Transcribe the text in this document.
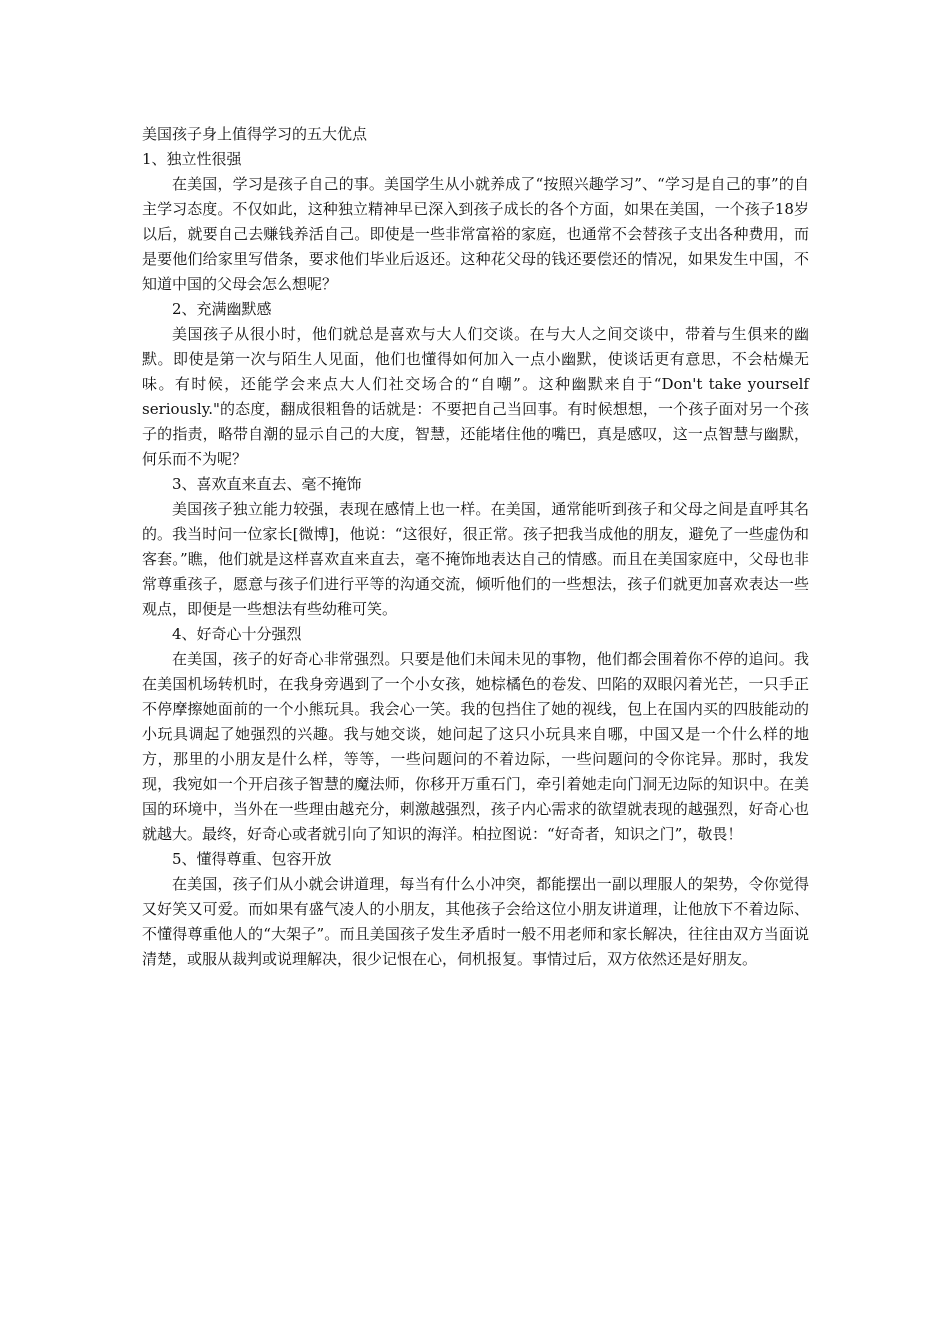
美国孩子身上值得学习的五大优点

1、独立性很强

在美国，学习是孩子自己的事。美国学生从小就养成了“按照兴趣学习”、“学习是自己的事”的自主学习态度。不仅如此，这种独立精神早已深入到孩子成长的各个方面，如果在美国，一个孩子18岁以后，就要自己去赚钱养活自己。即使是一些非常富裕的家庭，也通常不会替孩子支出各种费用，而是要他们给家里写借条，要求他们毕业后返还。这种花父母的钱还要偿还的情况，如果发生中国，不知道中国的父母会怎么想呢？

2、充满幽默感

美国孩子从很小时，他们就总是喜欢与大人们交谈。在与大人之间交谈中，带着与生俱来的幽默。即使是第一次与陌生人见面，他们也懂得如何加入一点小幽默，使谈话更有意思，不会枯燥无味。有时候，还能学会来点大人们社交场合的“自嘲”。这种幽默来自于“Don't take yourself seriously."的态度，翻成很粗鲁的话就是：不要把自己当回事。有时候想想，一个孩子面对另一个孩子的指责，略带自潮的显示自己的大度，智慧，还能堵住他的嘴巴，真是感叹，这一点智慧与幽默，何乐而不为呢？

3、喜欢直来直去、毫不掩饰

美国孩子独立能力较强，表现在感情上也一样。在美国，通常能听到孩子和父母之间是直呼其名的。我当时问一位家长[微博]，他说：“这很好，很正常。孩子把我当成他的朋友，避免了一些虚伪和客套。”瞧，他们就是这样喜欢直来直去，毫不掩饰地表达自己的情感。而且在美国家庭中，父母也非常尊重孩子，愿意与孩子们进行平等的沟通交流，倾听他们的一些想法，孩子们就更加喜欢表达一些观点，即便是一些想法有些幼稚可笑。

4、好奇心十分强烈

在美国，孩子的好奇心非常强烈。只要是他们未闻未见的事物，他们都会围着你不停的追问。我在美国机场转机时，在我身旁遇到了一个小女孩，她棕橘色的卷发、凹陷的双眼闪着光芒，一只手正不停摩擦她面前的一个小熊玩具。我会心一笑。我的包挡住了她的视线，包上在国内买的四肢能动的小玩具调起了她强烈的兴趣。我与她交谈，她问起了这只小玩具来自哪，中国又是一个什么样的地方，那里的小朋友是什么样，等等，一些问题问的不着边际，一些问题问的令你诧异。那时，我发现，我宛如一个开启孩子智慧的魔法师，你移开万重石门，牵引着她走向门洞无边际的知识中。在美国的环境中，当外在一些理由越充分，刺激越强烈，孩子内心需求的欲望就表现的越强烈，好奇心也就越大。最终，好奇心或者就引向了知识的海洋。柏拉图说：“好奇者，知识之门”，敬畏！

5、懂得尊重、包容开放

在美国，孩子们从小就会讲道理，每当有什么小冲突，都能摆出一副以理服人的架势，令你觉得又好笑又可爱。而如果有盛气凌人的小朋友，其他孩子会给这位小朋友讲道理，让他放下不着边际、不懂得尊重他人的“大架子”。而且美国孩子发生矛盾时一般不用老师和家长解决，往往由双方当面说清楚，或服从裁判或说理解决，很少记恨在心，伺机报复。事情过后，双方依然还是好朋友。
